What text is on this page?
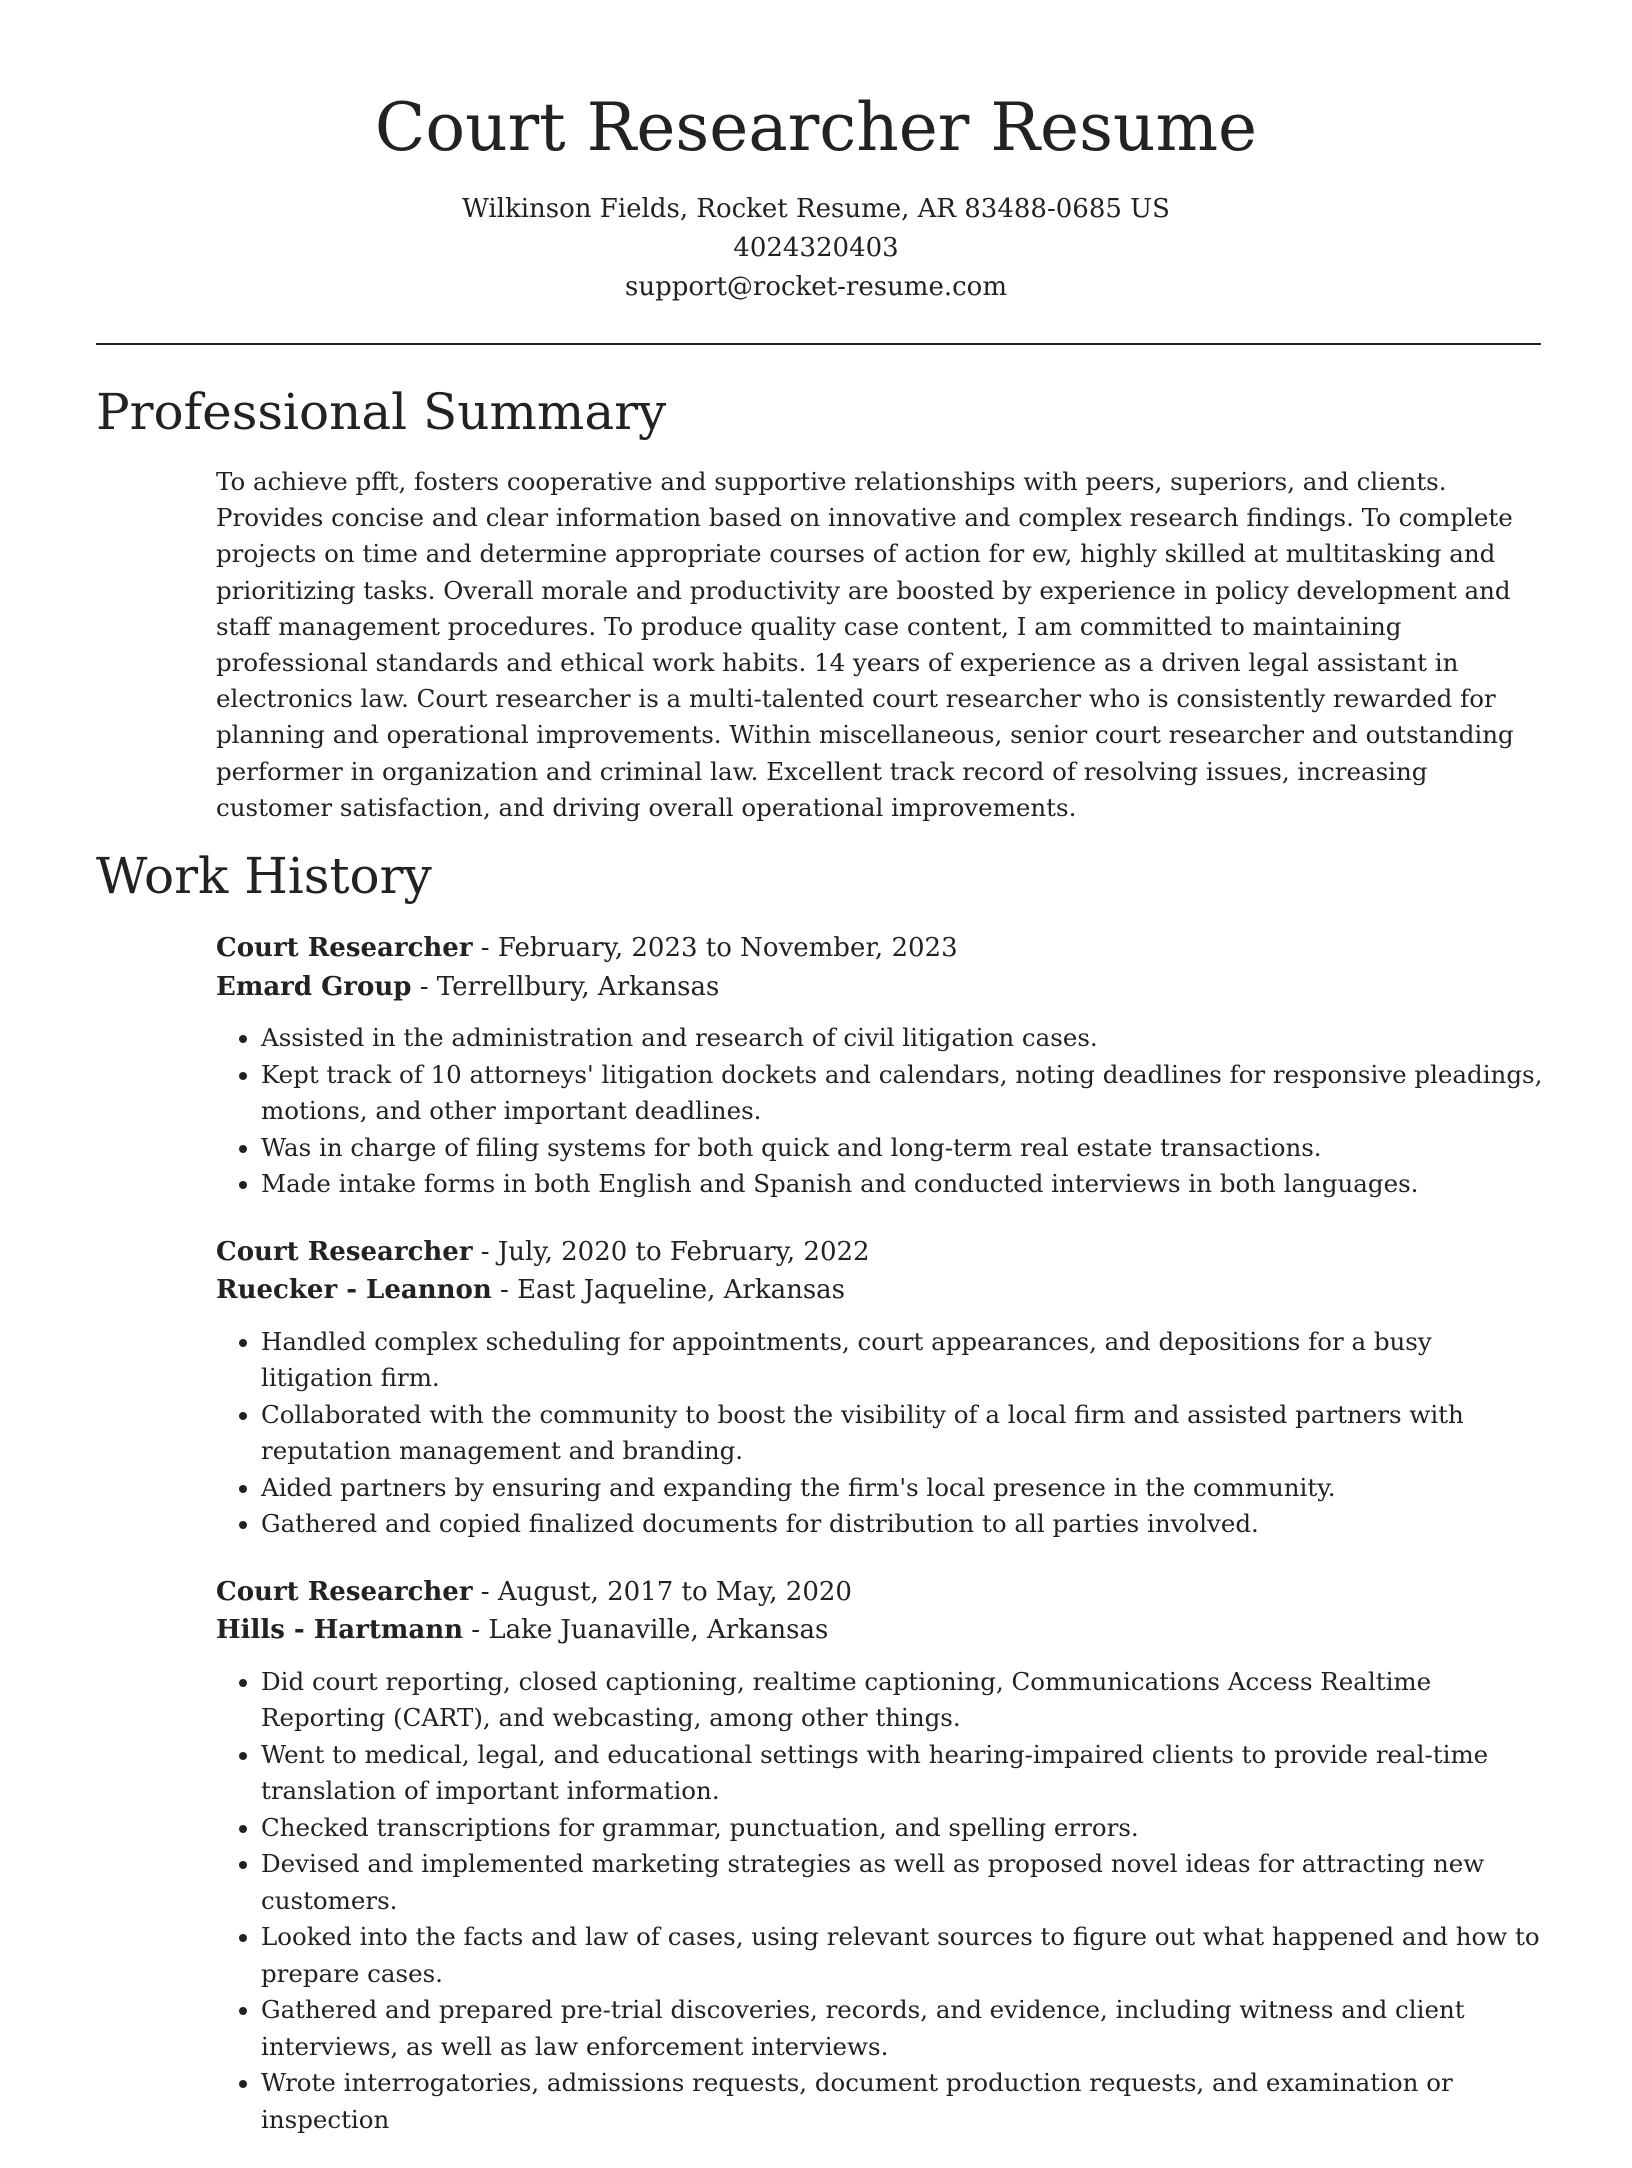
Court Researcher Resume
Wilkinson Fields, Rocket Resume, AR 83488-0685 US
4024320403
support@rocket-resume.com
Professional Summary

To achieve pfft, fosters cooperative and supportive relationships with peers, superiors, and clients. Provides concise and clear information based on innovative and complex research findings. To complete projects on time and determine appropriate courses of action for ew, highly skilled at multitasking and prioritizing tasks. Overall morale and productivity are boosted by experience in policy development and staff management procedures. To produce quality case content, I am committed to maintaining professional standards and ethical work habits. 14 years of experience as a driven legal assistant in electronics law. Court researcher is a multi-talented court researcher who is consistently rewarded for planning and operational improvements. Within miscellaneous, senior court researcher and outstanding performer in organization and criminal law. Excellent track record of resolving issues, increasing customer satisfaction, and driving overall operational improvements.

Work History
Court Researcher - February, 2023 to November, 2023
Emard Group - Terrellbury, Arkansas
• Assisted in the administration and research of civil litigation cases.
• Kept track of 10 attorneys' litigation dockets and calendars, noting deadlines for responsive pleadings, motions, and other important deadlines.
• Was in charge of filing systems for both quick and long-term real estate transactions.
• Made intake forms in both English and Spanish and conducted interviews in both languages.
Court Researcher - July, 2020 to February, 2022
Ruecker - Leannon - East Jaqueline, Arkansas
• Handled complex scheduling for appointments, court appearances, and depositions for a busy litigation firm.
• Collaborated with the community to boost the visibility of a local firm and assisted partners with reputation management and branding.
• Aided partners by ensuring and expanding the firm's local presence in the community.
• Gathered and copied finalized documents for distribution to all parties involved.
Court Researcher - August, 2017 to May, 2020
Hills - Hartmann - Lake Juanaville, Arkansas
• Did court reporting, closed captioning, realtime captioning, Communications Access Realtime Reporting (CART), and webcasting, among other things.
• Went to medical, legal, and educational settings with hearing-impaired clients to provide real-time translation of important information.
• Checked transcriptions for grammar, punctuation, and spelling errors.
• Devised and implemented marketing strategies as well as proposed novel ideas for attracting new customers.
• Looked into the facts and law of cases, using relevant sources to figure out what happened and how to prepare cases.
• Gathered and prepared pre-trial discoveries, records, and evidence, including witness and client interviews, as well as law enforcement interviews.
• Wrote interrogatories, admissions requests, document production requests, and examination or inspection
